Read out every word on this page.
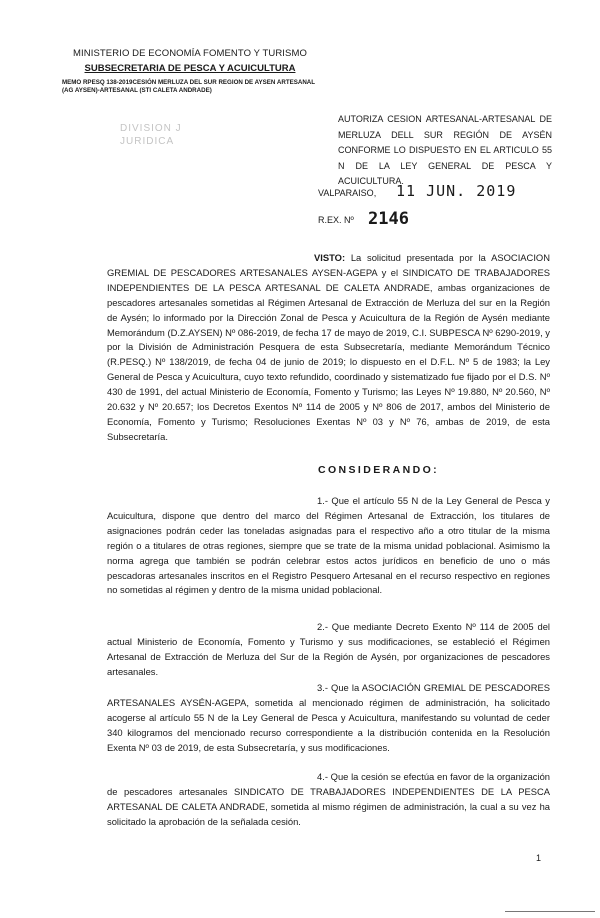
MINISTERIO DE ECONOMÍA FOMENTO Y TURISMO

SUBSECRETARIA DE PESCA Y ACUICULTURA

MEMO RPESQ 138-2019CESIÓN MERLUZA DEL SUR REGION DE AYSEN ARTESANAL (AG AYSEN)-ARTESANAL (STI CALETA ANDRADE)

DIVISION J
JURIDICA

AUTORIZA CESION ARTESANAL-ARTESANAL DE MERLUZA DELL SUR REGIÓN DE AYSÉN CONFORME LO DISPUESTO EN EL ARTICULO 55 N DE LA LEY GENERAL DE PESCA Y ACUICULTURA.

VALPARAISO, 11 JUN. 2019
R.EX. Nº 2146

VISTO: La solicitud presentada por la ASOCIACION GREMIAL DE PESCADORES ARTESANALES AYSEN-AGEPA y el SINDICATO DE TRABAJADORES INDEPENDIENTES DE LA PESCA ARTESANAL DE CALETA ANDRADE, ambas organizaciones de pescadores artesanales sometidas al Régimen Artesanal de Extracción de Merluza del sur en la Región de Aysén; lo informado por la Dirección Zonal de Pesca y Acuicultura de la Región de Aysén mediante Memorándum (D.Z.AYSEN) Nº 086-2019, de fecha 17 de mayo de 2019, C.I. SUBPESCA Nº 6290-2019, y por la División de Administración Pesquera de esta Subsecretaría, mediante Memorándum Técnico (R.PESQ.) Nº 138/2019, de fecha 04 de junio de 2019; lo dispuesto en el D.F.L. Nº 5 de 1983; la Ley General de Pesca y Acuicultura, cuyo texto refundido, coordinado y sistematizado fue fijado por el D.S. Nº 430 de 1991, del actual Ministerio de Economía, Fomento y Turismo; las Leyes Nº 19.880, Nº 20.560, Nº 20.632 y Nº 20.657; los Decretos Exentos Nº 114 de 2005 y Nº 806 de 2017, ambos del Ministerio de Economía, Fomento y Turismo; Resoluciones Exentas Nº 03 y Nº 76, ambas de 2019, de esta Subsecretaría.

CONSIDERANDO:

1.- Que el artículo 55 N de la Ley General de Pesca y Acuicultura, dispone que dentro del marco del Régimen Artesanal de Extracción, los titulares de asignaciones podrán ceder las toneladas asignadas para el respectivo año a otro titular de la misma región o a titulares de otras regiones, siempre que se trate de la misma unidad poblacional. Asimismo la norma agrega que también se podrán celebrar estos actos jurídicos en beneficio de uno o más pescadoras artesanales inscritos en el Registro Pesquero Artesanal en el recurso respectivo en regiones no sometidas al régimen y dentro de la misma unidad poblacional.

2.- Que mediante Decreto Exento Nº 114 de 2005 del actual Ministerio de Economía, Fomento y Turismo y sus modificaciones, se estableció el Régimen Artesanal de Extracción de Merluza del Sur de la Región de Aysén, por organizaciones de pescadores artesanales.

3.- Que la ASOCIACIÓN GREMIAL DE PESCADORES ARTESANALES AYSÉN-AGEPA, sometida al mencionado régimen de administración, ha solicitado acogerse al artículo 55 N de la Ley General de Pesca y Acuicultura, manifestando su voluntad de ceder 340 kilogramos del mencionado recurso correspondiente a la distribución contenida en la Resolución Exenta Nº 03 de 2019, de esta Subsecretaría, y sus modificaciones.

4.- Que la cesión se efectúa en favor de la organización de pescadores artesanales SINDICATO DE TRABAJADORES INDEPENDIENTES DE LA PESCA ARTESANAL DE CALETA ANDRADE, sometida al mismo régimen de administración, la cual a su vez ha solicitado la aprobación de la señalada cesión.

1
